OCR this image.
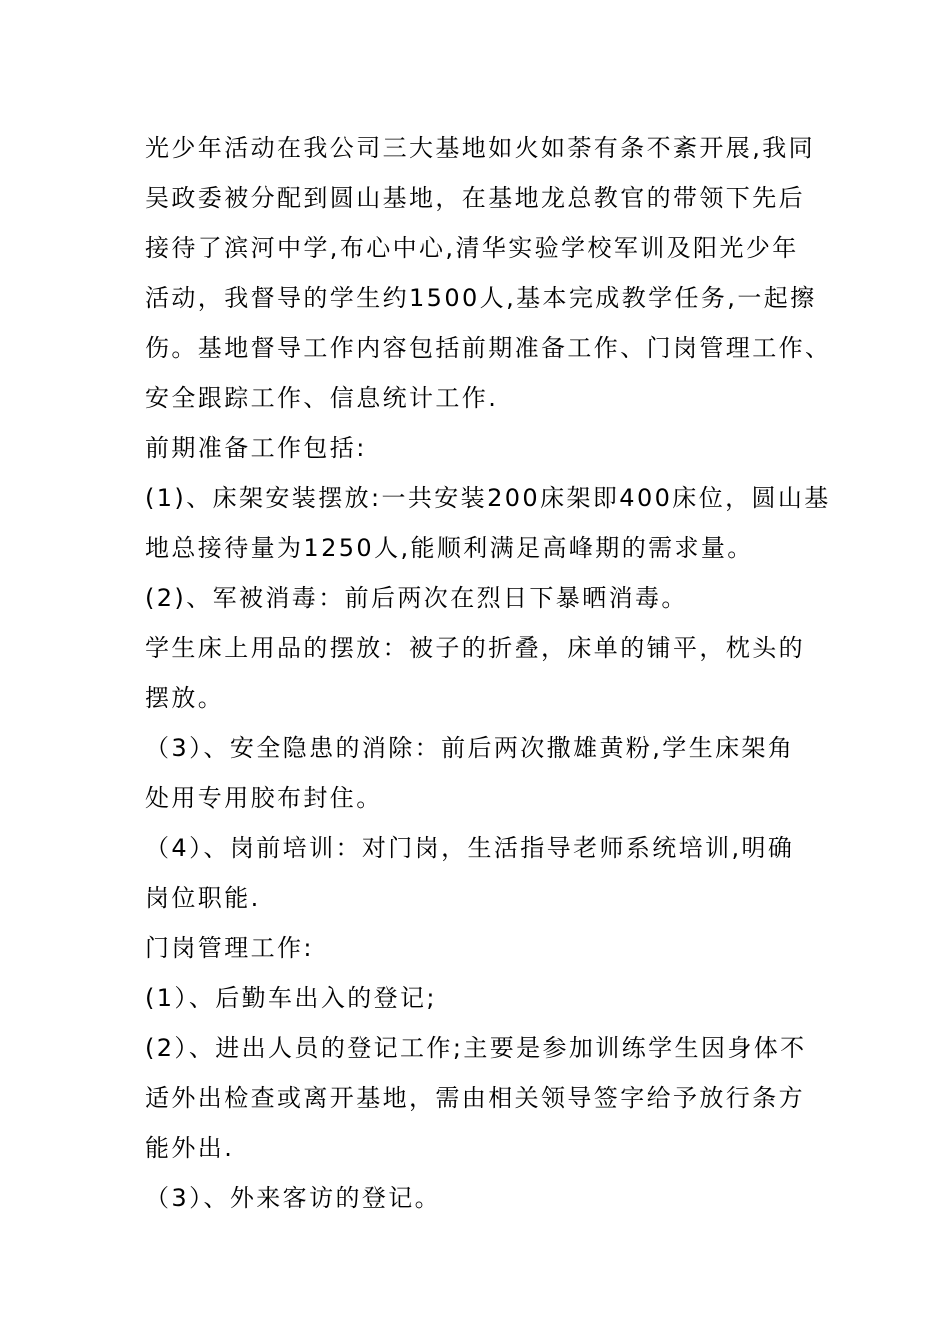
光少年活动在我公司三大基地如火如荼有条不紊开展,我同
吴政委被分配到圆山基地，在基地龙总教官的带领下先后
接待了滨河中学,布心中心,清华实验学校军训及阳光少年
活动，我督导的学生约1500人,基本完成教学任务,一起擦
伤。基地督导工作内容包括前期准备工作、门岗管理工作、
安全跟踪工作、信息统计工作.
前期准备工作包括:
(1)、床架安装摆放:一共安装200床架即400床位，圆山基
地总接待量为1250人,能顺利满足高峰期的需求量。
(2)、军被消毒：前后两次在烈日下暴晒消毒。
学生床上用品的摆放：被子的折叠，床单的铺平，枕头的
摆放。
（3）、安全隐患的消除：前后两次撒雄黄粉,学生床架角
处用专用胶布封住。
（4）、岗前培训：对门岗，生活指导老师系统培训,明确
岗位职能.
门岗管理工作:
(1）、后勤车出入的登记;
(2）、进出人员的登记工作;主要是参加训练学生因身体不
适外出检查或离开基地，需由相关领导签字给予放行条方
能外出.
（3）、外来客访的登记。
